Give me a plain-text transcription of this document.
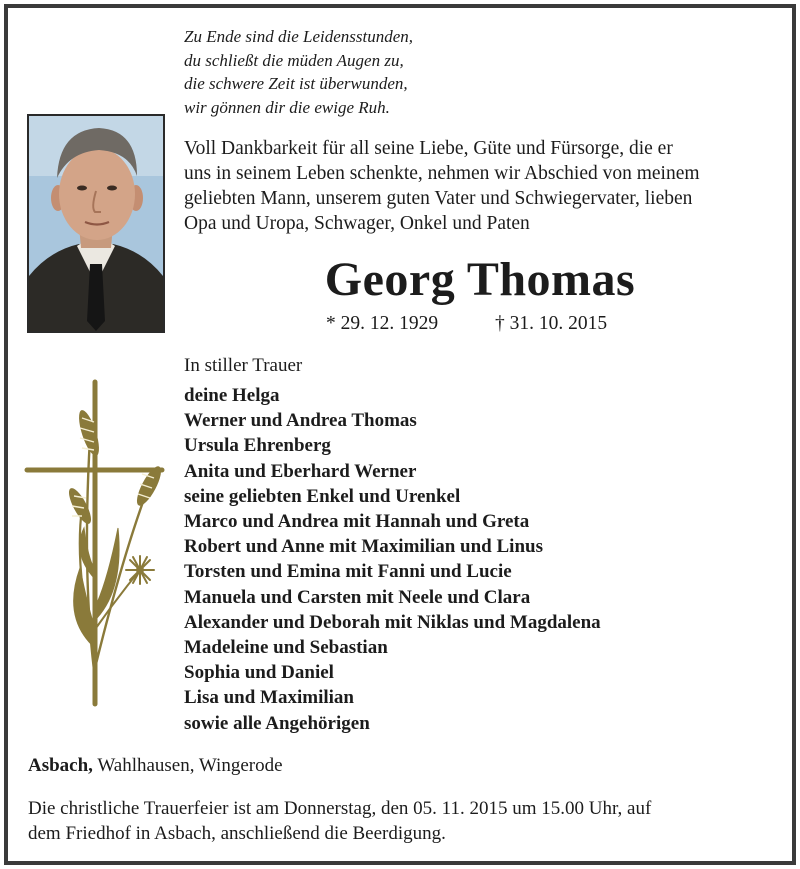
Zu Ende sind die Leidensstunden,
du schließt die müden Augen zu,
die schwere Zeit ist überwunden,
wir gönnen dir die ewige Ruh.
Voll Dankbarkeit für all seine Liebe, Güte und Fürsorge, die er
uns in seinem Leben schenkte, nehmen wir Abschied von meinem
geliebten Mann, unserem guten Vater und Schwiegervater, lieben
Opa und Uropa, Schwager, Onkel und Paten
Georg Thomas
* 29. 12. 1929	† 31. 10. 2015
In stiller Trauer
deine Helga
Werner und Andrea Thomas
Ursula Ehrenberg
Anita und Eberhard Werner
seine geliebten Enkel und Urenkel
Marco und Andrea mit Hannah und Greta
Robert und Anne mit Maximilian und Linus
Torsten und Emina mit Fanni und Lucie
Manuela und Carsten mit Neele und Clara
Alexander und Deborah mit Niklas und Magdalena
Madeleine und Sebastian
Sophia und Daniel
Lisa und Maximilian
sowie alle Angehörigen
Asbach, Wahlhausen, Wingerode
Die christliche Trauerfeier ist am Donnerstag, den 05. 11. 2015 um 15.00 Uhr, auf
dem Friedhof in Asbach, anschließend die Beerdigung.
